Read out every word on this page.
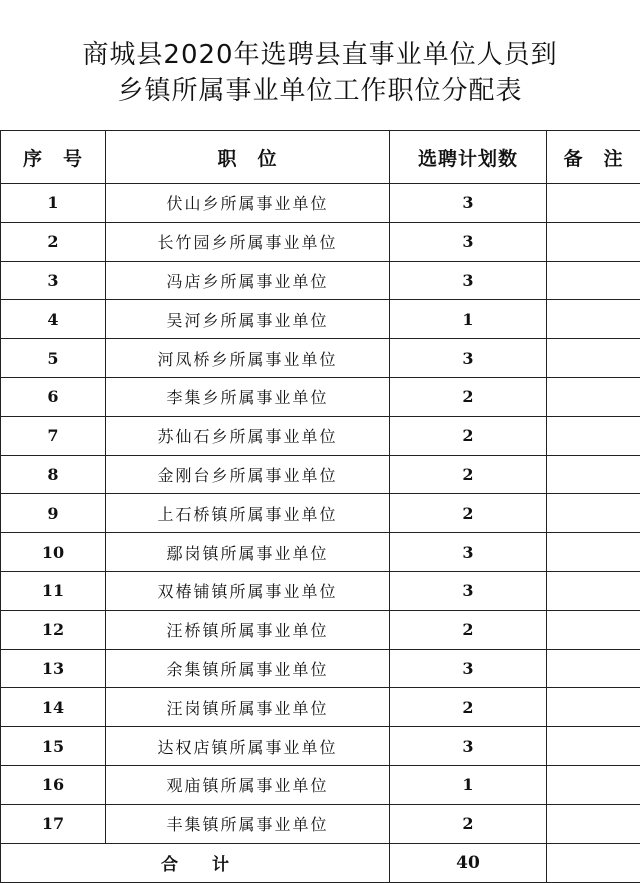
商城县2020年选聘县直事业单位人员到
乡镇所属事业单位工作职位分配表
序　号	职　位	选聘计划数	备　注
1	伏山乡所属事业单位	3	
2	长竹园乡所属事业单位	3	
3	冯店乡所属事业单位	3	
4	吴河乡所属事业单位	1	
5	河凤桥乡所属事业单位	3	
6	李集乡所属事业单位	2	
7	苏仙石乡所属事业单位	2	
8	金刚台乡所属事业单位	2	
9	上石桥镇所属事业单位	2	
10	鄢岗镇所属事业单位	3	
11	双椿铺镇所属事业单位	3	
12	汪桥镇所属事业单位	2	
13	余集镇所属事业单位	3	
14	汪岗镇所属事业单位	2	
15	达权店镇所属事业单位	3	
16	观庙镇所属事业单位	1	
17	丰集镇所属事业单位	2	
合　　计		40	
